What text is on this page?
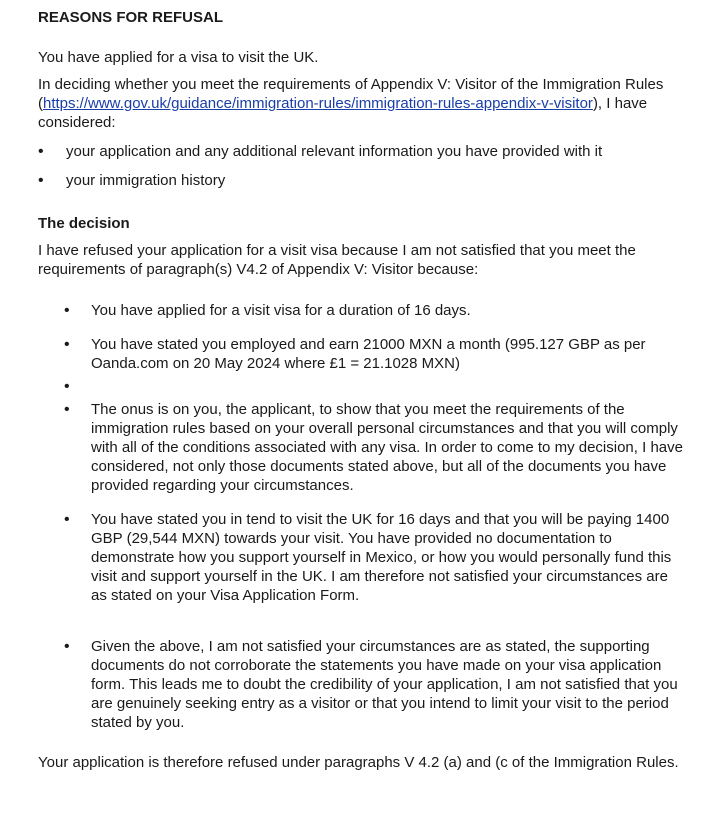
REASONS FOR REFUSAL

You have applied for a visa to visit the UK.

In deciding whether you meet the requirements of Appendix V: Visitor of the Immigration Rules (https://www.gov.uk/guidance/immigration-rules/immigration-rules-appendix-v-visitor), I have considered:

• your application and any additional relevant information you have provided with it
• your immigration history
The decision

I have refused your application for a visit visa because I am not satisfied that you meet the requirements of paragraph(s) V4.2 of Appendix V: Visitor because:

• You have applied for a visit visa for a duration of 16 days.
• You have stated you employed and earn 21000 MXN a month (995.127 GBP as per Oanda.com on 20 May 2024 where £1 = 21.1028 MXN)
•
• The onus is on you, the applicant, to show that you meet the requirements of the immigration rules based on your overall personal circumstances and that you will comply with all of the conditions associated with any visa. In order to come to my decision, I have considered, not only those documents stated above, but all of the documents you have provided regarding your circumstances.
• You have stated you in tend to visit the UK for 16 days and that you will be paying 1400 GBP (29,544 MXN) towards your visit. You have provided no documentation to demonstrate how you support yourself in Mexico, or how you would personally fund this visit and support yourself in the UK. I am therefore not satisfied your circumstances are as stated on your Visa Application Form.
• Given the above, I am not satisfied your circumstances are as stated, the supporting documents do not corroborate the statements you have made on your visa application form. This leads me to doubt the credibility of your application, I am not satisfied that you are genuinely seeking entry as a visitor or that you intend to limit your visit to the period stated by you.

Your application is therefore refused under paragraphs V 4.2 (a) and (c of the Immigration Rules.
